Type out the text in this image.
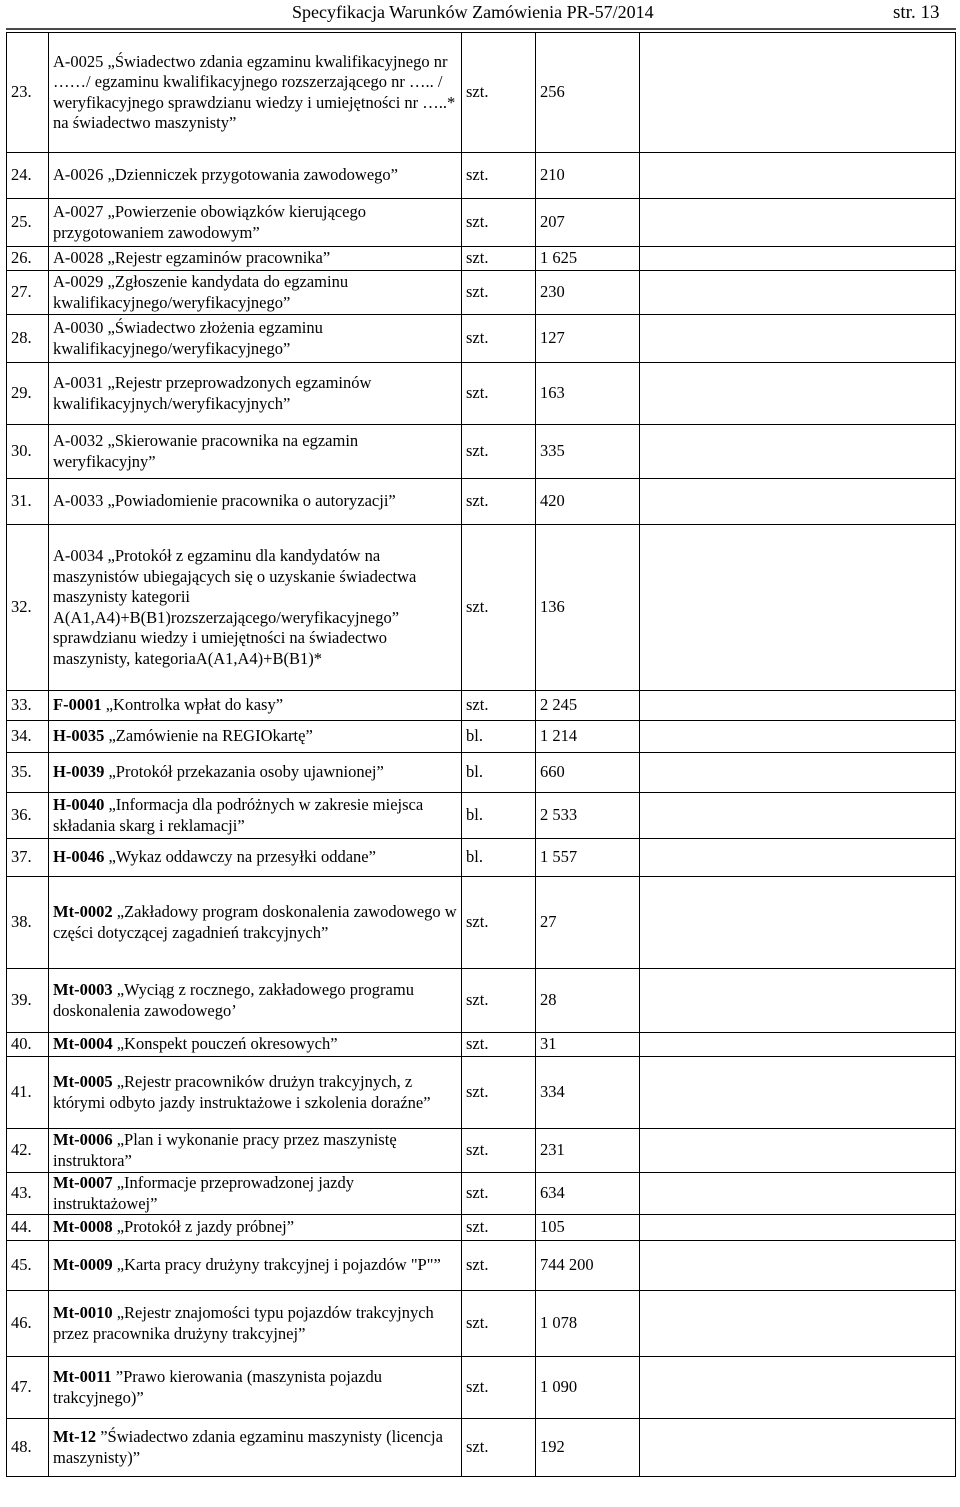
Specyfikacja Warunków Zamówienia PR-57/2014	str. 13
23.	A-0025 „Świadectwo zdania egzaminu kwalifikacyjnego nr ……/ egzaminu kwalifikacyjnego rozszerzającego nr ….. / weryfikacyjnego sprawdzianu wiedzy i umiejętności nr …..* na świadectwo maszynisty”	szt.	256	
24.	A-0026 „Dzienniczek przygotowania zawodowego”	szt.	210	
25.	A-0027 „Powierzenie obowiązków kierującego przygotowaniem zawodowym”	szt.	207	
26.	A-0028 „Rejestr egzaminów pracownika”	szt.	1 625	
27.	A-0029 „Zgłoszenie kandydata do egzaminu kwalifikacyjnego/weryfikacyjnego”	szt.	230	
28.	A-0030 „Świadectwo złożenia egzaminu kwalifikacyjnego/weryfikacyjnego”	szt.	127	
29.	A-0031 „Rejestr przeprowadzonych egzaminów kwalifikacyjnych/weryfikacyjnych”	szt.	163	
30.	A-0032 „Skierowanie pracownika na egzamin weryfikacyjny”	szt.	335	
31.	A-0033 „Powiadomienie pracownika o autoryzacji”	szt.	420	
32.	A-0034 „Protokół z egzaminu dla kandydatów na maszynistów ubiegających się o uzyskanie świadectwa maszynisty kategorii A(A1,A4)+B(B1)rozszerzającego/weryfikacyjnego” sprawdzianu wiedzy i umiejętności na świadectwo maszynisty, kategoriaA(A1,A4)+B(B1)*	szt.	136	
33.	F-0001 „Kontrolka wpłat do kasy”	szt.	2 245	
34.	H-0035 „Zamówienie na REGIOkartę”	bl.	1 214	
35.	H-0039 „Protokół przekazania osoby ujawnionej”	bl.	660	
36.	H-0040 „Informacja dla podróżnych w zakresie miejsca składania skarg i reklamacji”	bl.	2 533	
37.	H-0046 „Wykaz oddawczy na przesyłki oddane”	bl.	1 557	
38.	Mt-0002 „Zakładowy program doskonalenia zawodowego w części dotyczącej zagadnień trakcyjnych”	szt.	27	
39.	Mt-0003 „Wyciąg z rocznego, zakładowego programu doskonalenia zawodowego’	szt.	28	
40.	Mt-0004 „Konspekt pouczeń okresowych”	szt.	31	
41.	Mt-0005 „Rejestr pracowników drużyn trakcyjnych, z którymi odbyto jazdy instruktażowe i szkolenia doraźne”	szt.	334	
42.	Mt-0006 „Plan i wykonanie pracy przez maszynistę instruktora”	szt.	231	
43.	Mt-0007 „Informacje przeprowadzonej jazdy instruktażowej”	szt.	634	
44.	Mt-0008 „Protokół z jazdy próbnej”	szt.	105	
45.	Mt-0009 „Karta pracy drużyny trakcyjnej i pojazdów "P"”	szt.	744 200	
46.	Mt-0010 „Rejestr znajomości typu pojazdów trakcyjnych przez pracownika drużyny trakcyjnej”	szt.	1 078	
47.	Mt-0011 ”Prawo kierowania (maszynista pojazdu trakcyjnego)”	szt.	1 090	
48.	Mt-12 ”Świadectwo zdania egzaminu maszynisty (licencja maszynisty)”	szt.	192	
